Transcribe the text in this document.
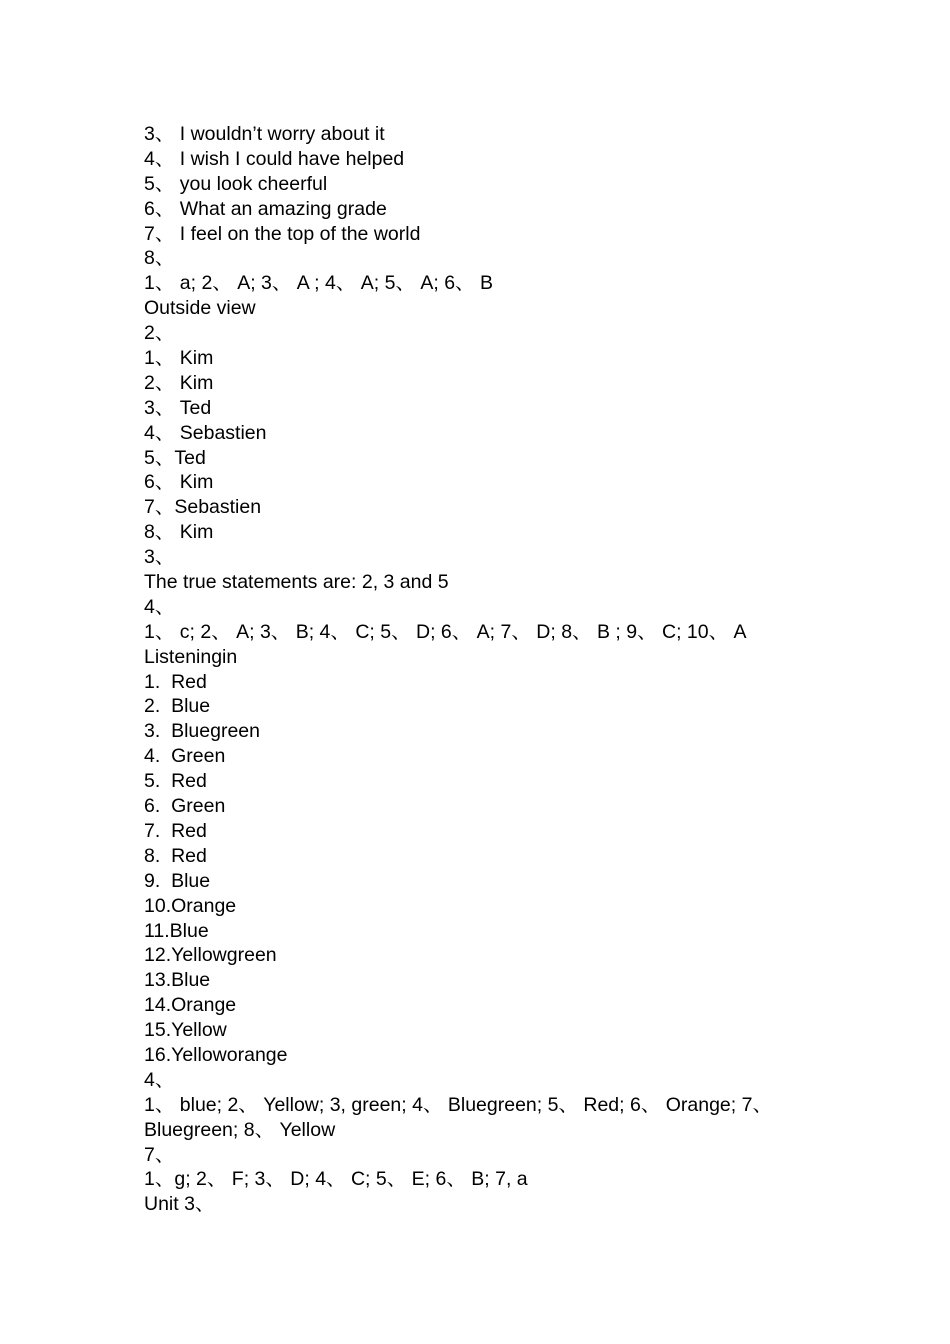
3、 I wouldn’t worry about it
4、 I wish I could have helped
5、 you look cheerful
6、 What an amazing grade
7、 I feel on the top of the world
8、
1、 a; 2、 A; 3、 A ; 4、 A; 5、 A; 6、 B
Outside view
2、
1、 Kim
2、 Kim
3、 Ted
4、 Sebastien
5、Ted
6、 Kim
7、Sebastien
8、 Kim
3、
The true statements are: 2, 3 and 5
4、
1、 c; 2、 A; 3、 B; 4、 C; 5、 D; 6、 A; 7、 D; 8、 B ; 9、 C; 10、 A
Listeningin
1.  Red
2.  Blue
3.  Bluegreen
4.  Green
5.  Red
6.  Green
7.  Red
8.  Red
9.  Blue
10.Orange
11.Blue
12.Yellowgreen
13.Blue
14.Orange
15.Yellow
16.Yelloworange
4、
1、 blue; 2、 Yellow; 3, green; 4、 Bluegreen; 5、 Red; 6、 Orange; 7、
Bluegreen; 8、 Yellow
7、
1、g; 2、 F; 3、 D; 4、 C; 5、 E; 6、 B; 7, a
Unit 3、
